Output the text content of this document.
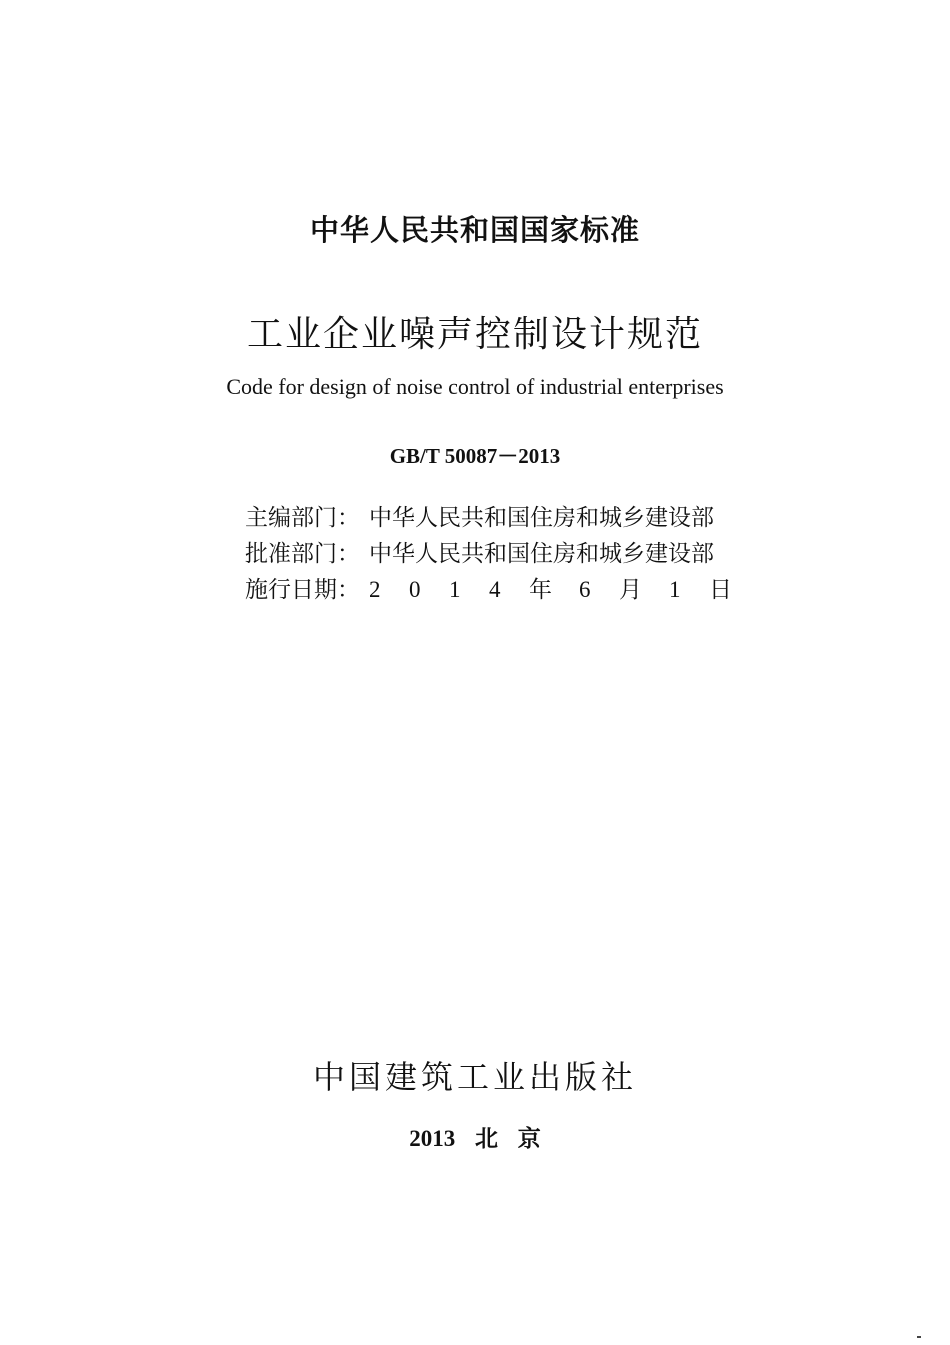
中华人民共和国国家标准
工业企业噪声控制设计规范
Code for design of noise control of industrial enterprises
GB/T 50087－2013
主编部门： 中华人民共和国住房和城乡建设部
批准部门： 中华人民共和国住房和城乡建设部
施行日期： 2	0	1	4	年	6	月	1	日
中国建筑工业出版社
2013 北 京
